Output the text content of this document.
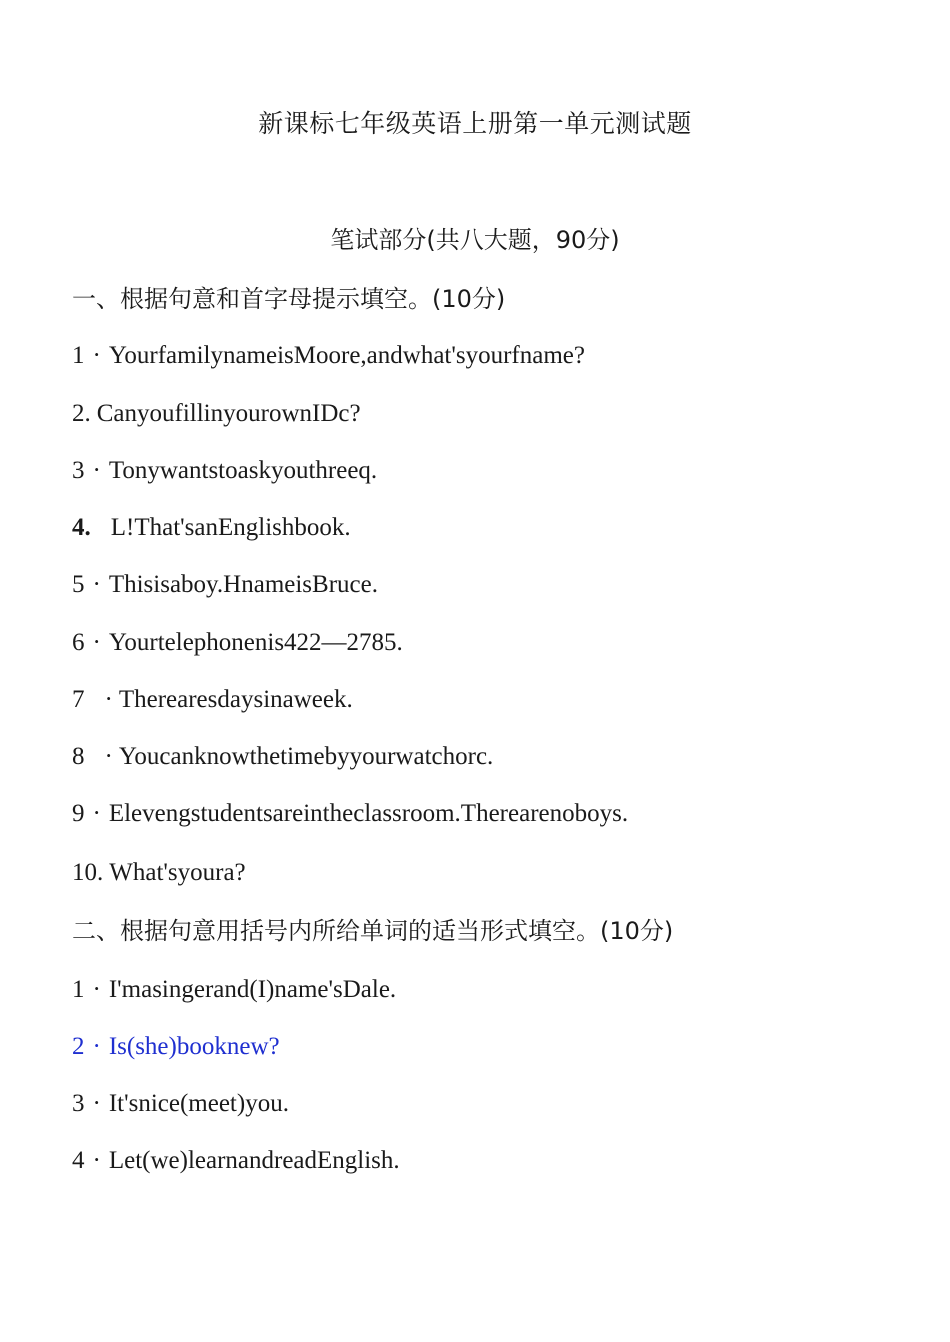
新课标七年级英语上册第一单元测试题
笔试部分(共八大题，90分)
一、根据句意和首字母提示填空。(10分)
1 · YourfamilynameisMoore,andwhat'syourfname?
2. CanyoufillinyourownIDc?
3 · Tonywantstoaskyouthreeq.
4. L!That'sanEnglishbook.
5 · Thisisaboy.HnameisBruce.
6 · Yourtelephonenis422—2785.
7 · Therearesdaysinaweek.
8 · Youcanknowthetimebyyourwatchorc.
9 · Elevengstudentsareintheclassroom.Therearenoboys.
10. What'syoura?
二、根据句意用括号内所给单词的适当形式填空。(10分)
1 · I'masingerand(I)name'sDale.
2 · Is(she)booknew?
3 · It'snice(meet)you.
4 · Let(we)learnandreadEnglish.
